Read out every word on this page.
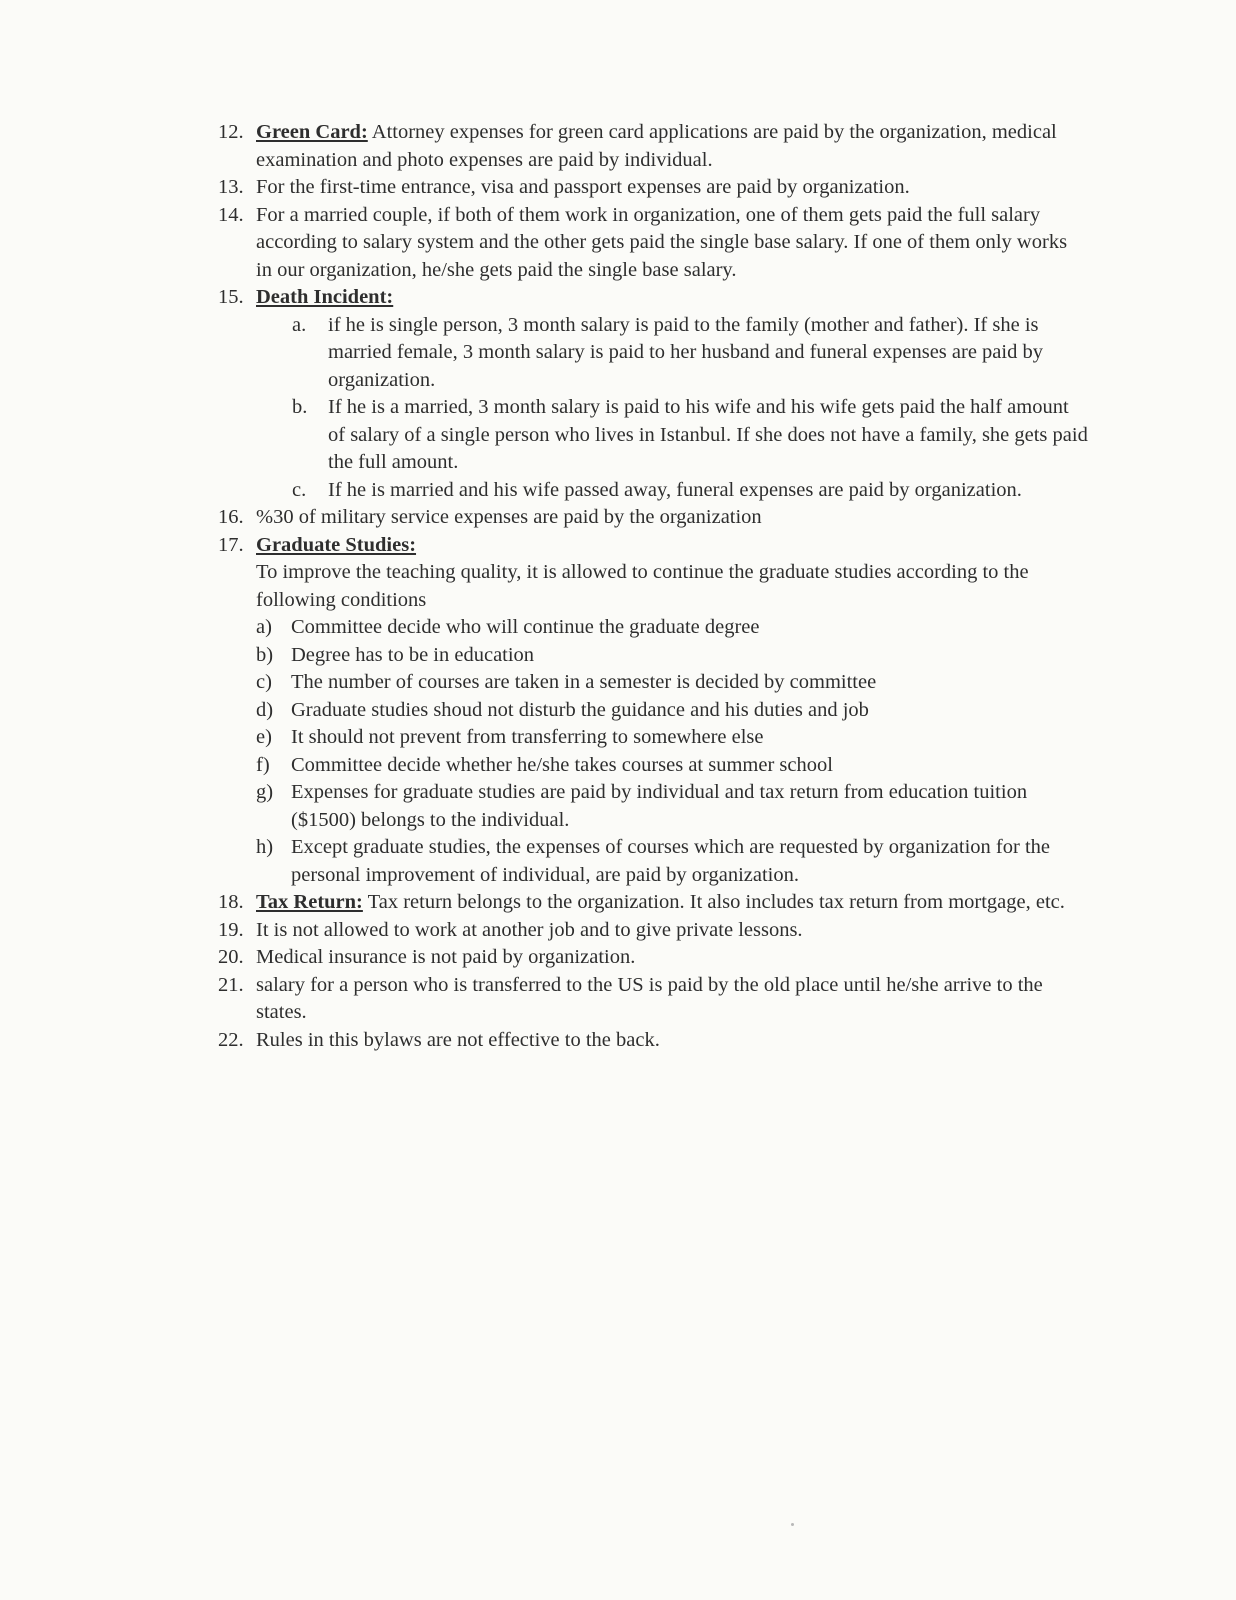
12. Green Card: Attorney expenses for green card applications are paid by the organization, medical examination and photo expenses are paid by individual.
13. For the first-time entrance, visa and passport expenses are paid by organization.
14. For a married couple, if both of them work in organization, one of them gets paid the full salary according to salary system and the other gets paid the single base salary. If one of them only works in our organization, he/she gets paid the single base salary.
15. Death Incident:
a. if he is single person, 3 month salary is paid to the family (mother and father). If she is married female, 3 month salary is paid to her husband and funeral expenses are paid by organization.
b. If he is a married, 3 month salary is paid to his wife and his wife gets paid the half amount of salary of a single person who lives in Istanbul. If she does not have a family, she gets paid the full amount.
c. If he is married and his wife passed away, funeral expenses are paid by organization.
16. %30 of military service expenses are paid by the organization
17. Graduate Studies:

To improve the teaching quality, it is allowed to continue the graduate studies according to the following conditions

a) Committee decide who will continue the graduate degree
b) Degree has to be in education
c) The number of courses are taken in a semester is decided by committee
d) Graduate studies shoud not disturb the guidance and his duties and job
e) It should not prevent from transferring to somewhere else
f) Committee decide whether he/she takes courses at summer school
g) Expenses for graduate studies are paid by individual and tax return from education tuition ($1500) belongs to the individual.
h) Except graduate studies, the expenses of courses which are requested by organization for the personal improvement of individual, are paid by organization.
18. Tax Return: Tax return belongs to the organization. It also includes tax return from mortgage, etc.
19. It is not allowed to work at another job and to give private lessons.
20. Medical insurance is not paid by organization.
21. salary for a person who is transferred to the US is paid by the old place until he/she arrive to the states.
22. Rules in this bylaws are not effective to the back.
